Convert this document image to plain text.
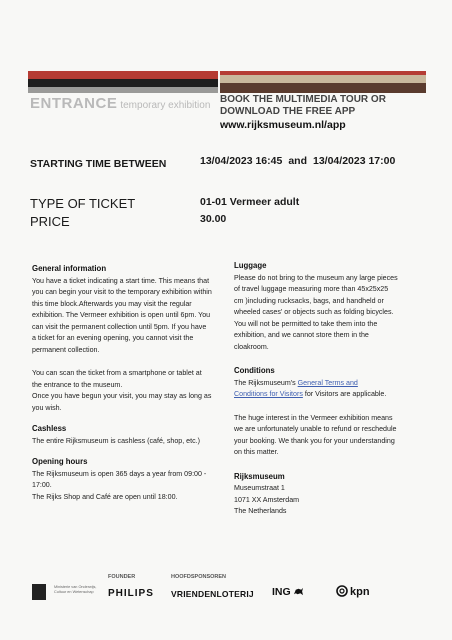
ENTRANCE temporary exhibition
BOOK THE MULTIMEDIA TOUR OR
DOWNLOAD THE FREE APP
www.rijksmuseum.nl/app
STARTING TIME BETWEEN	13/04/2023 16:45 and 13/04/2023 17:00
TYPE OF TICKET	01-01 Vermeer adult
PRICE	30.00
General information

You have a ticket indicating a start time. This means that

you can begin your visit to the temporary exhibition within

this time block.Afterwards you may visit the regular

exhibition. The Vermeer exhibition is open until 6pm. You

can visit the permanent collection until 5pm. If you have

a ticket for an evening opening, you cannot visit the

permanent collection.

You can scan the ticket from a smartphone or tablet at

the entrance to the museum.

Once you have begun your visit, you may stay as long as

you wish.

Cashless

The entire Rijksmuseum is cashless (café, shop, etc.)

Opening hours

The Rijksmuseum is open 365 days a year from 09:00 -

17:00.

The Rijks Shop and Café are open until 18:00.

Luggage

Please do not bring to the museum any large pieces

of travel luggage measuring more than 45x25x25

cm )including rucksacks, bags, and handheld or

wheeled cases' or objects such as folding bicycles.

You will not be permitted to take them into the

exhibition, and we cannot store them in the

cloakroom.

Conditions

The Rijksmuseum's General Terms and

Conditions for Visitors for Visitors are applicable.

The huge interest in the Vermeer exhibition means

we are unfortunately unable to refund or reschedule

your booking. We thank you for your understanding

on this matter.

Rijksmuseum

Museumstraat 1

1071 XX Amsterdam

The Netherlands

Ministerie van Onderwijs, Cultuur en Wetenschap
FOUNDER	HOOFDSPONSOREN
PHILIPS VRIENDENLOTERIJ ING	kpn
